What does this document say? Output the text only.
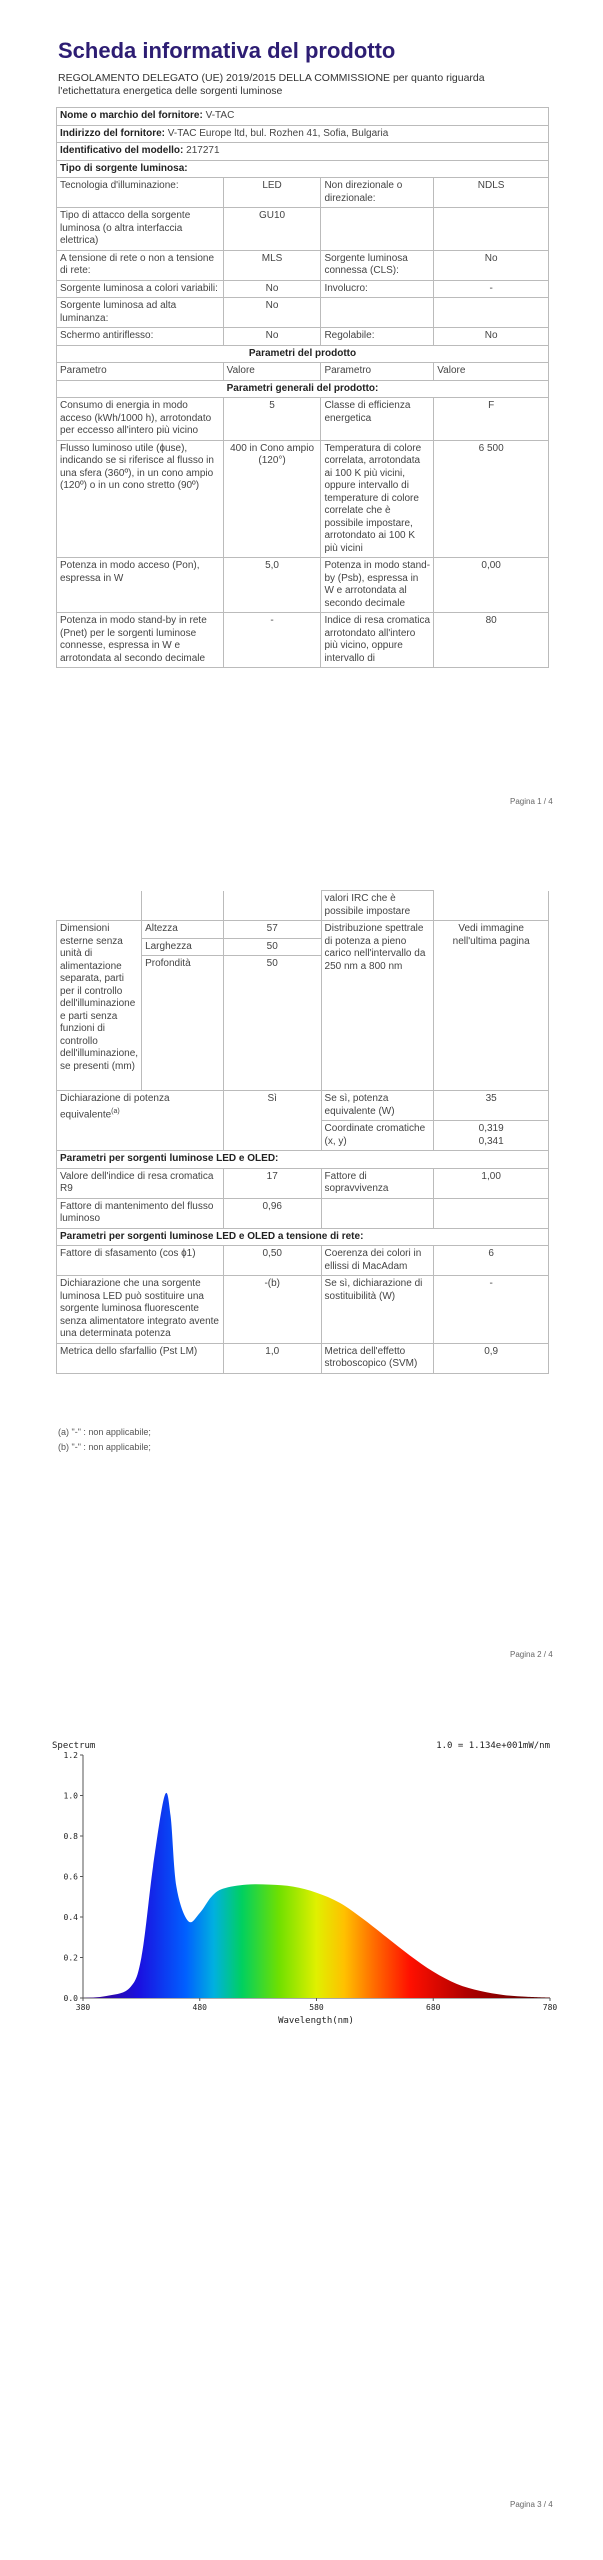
Scheda informativa del prodotto
REGOLAMENTO DELEGATO (UE) 2019/2015 DELLA COMMISSIONE per quanto riguarda l'etichettatura energetica delle sorgenti luminose
Nome o marchio del fornitore: V-TAC			
Indirizzo del fornitore: V-TAC Europe ltd, bul. Rozhen 41, Sofia, Bulgaria			
Identificativo del modello: 217271			
Tipo di sorgente luminosa:			
Tecnologia d'illuminazione:	LED	Non direzionale o direzionale:	NDLS
Tipo di attacco della sorgente luminosa (o altra interfaccia elettrica)	GU10		
A tensione di rete o non a tensione di rete:	MLS	Sorgente luminosa connessa (CLS):	No
Sorgente luminosa a colori variabili:	No	Involucro:	-
Sorgente luminosa ad alta luminanza:	No		
Schermo antiriflesso:	No	Regolabile:	No
Parametri del prodotto			
Parametro	Valore	Parametro	Valore
Parametri generali del prodotto:			
Consumo di energia in modo acceso (kWh/1000 h), arrotondato per eccesso all'intero più vicino	5	Classe di efficienza energetica	F
Flusso luminoso utile (ɸuse), indicando se si riferisce al flusso in una sfera (360º), in un cono ampio (120º) o in un cono stretto (90º)	400 in Cono ampio (120°)	Temperatura di colore correlata, arrotondata ai 100 K più vicini, oppure intervallo di temperature di colore correlate che è possibile impostare, arrotondato ai 100 K più vicini	6 500
Potenza in modo acceso (Pon), espressa in W	5,0	Potenza in modo stand-by (Psb), espressa in W e arrotondata al secondo decimale	0,00
Potenza in modo stand-by in rete (Pnet) per le sorgenti luminose connesse, espressa in W e arrotondata al secondo decimale	-	Indice di resa cromatica arrotondato all'intero più vicino, oppure intervallo di	80
Pagina 1 / 4
			valori IRC che è possibile impostare	
Dimensioni esterne senza unità di alimentazione separata, parti per il controllo dell'illuminazione e parti senza funzioni di controllo dell'illuminazione, se presenti (mm)	Altezza	57	Distribuzione spettrale di potenza a pieno carico nell'intervallo da 250 nm a 800 nm	Vedi immagine nell'ultima pagina
	Larghezza	50		
	Profondità	50		
Dichiarazione di potenza equivalente$^{(a)}$		Sì	Se sì, potenza equivalente (W)	35
			Coordinate cromatiche (x, y)	0,319
0,341
Parametri per sorgenti luminose LED e OLED:				
Valore dell'indice di resa cromatica R9		17	Fattore di sopravvivenza	1,00
Fattore di mantenimento del flusso luminoso		0,96		
Parametri per sorgenti luminose LED e OLED a tensione di rete:				
Fattore di sfasamento (cos ɸ1)		0,50	Coerenza dei colori in ellissi di MacAdam	6
Dichiarazione che una sorgente luminosa LED può sostituire una sorgente luminosa fluorescente senza alimentatore integrato avente una determinata potenza		-(b)	Se sì, dichiarazione di sostituibilità (W)	-
Metrica dello sfarfallio (Pst LM)		1,0	Metrica dell'effetto stroboscopico (SVM)	0,9
(a) "-" : non applicabile;
(b) "-" : non applicabile;
Pagina 2 / 4
Spectrum	1.0 = 1.134e+001mW/nm
0.0
0.2
0.4
0.6
0.8
1.0
1.2
380	480	580	680	780
Wavelength(nm)
Pagina 3 / 4
